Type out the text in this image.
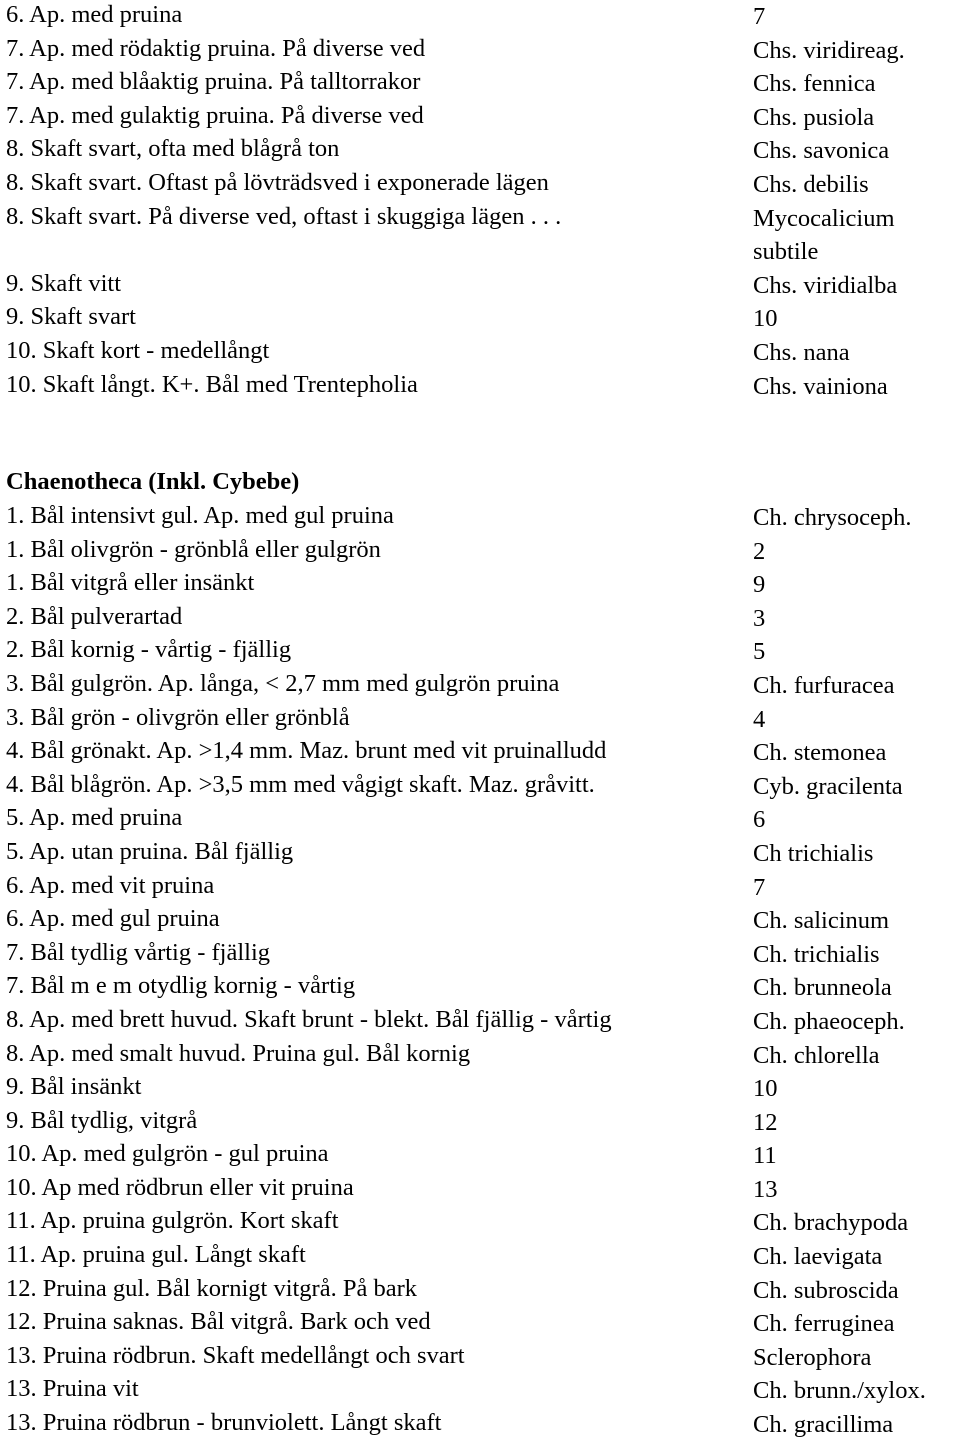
6. Ap. med pruina	7
7. Ap. med rödaktig pruina. På diverse ved	Chs. viridireag.
7. Ap. med blåaktig pruina. På talltorrakor	Chs. fennica
7. Ap. med gulaktig pruina. På diverse ved	Chs. pusiola
8. Skaft svart, ofta med blågrå ton	Chs. savonica
8. Skaft svart. Oftast på lövträdsved i exponerade lägen	Chs. debilis
8. Skaft svart. På diverse ved, oftast i skuggiga lägen . . .	Mycocalicium subtile
9. Skaft vitt	Chs. viridialba
9. Skaft svart	10
10. Skaft kort - medellångt	Chs. nana
10. Skaft långt. K+. Bål med Trentepholia	Chs. vainiona
Chaenotheca (Inkl. Cybebe)
1. Bål intensivt gul. Ap. med gul pruina	Ch. chrysoceph.
1. Bål olivgrön - grönblå eller gulgrön	2
1. Bål vitgrå eller insänkt	9
2. Bål pulverartad	3
2. Bål kornig - vårtig - fjällig	5
3. Bål gulgrön. Ap. långa, < 2,7 mm med gulgrön pruina	Ch. furfuracea
3. Bål grön - olivgrön eller grönblå	4
4. Bål grönakt. Ap. >1,4 mm. Maz. brunt med vit pruinalludd	Ch. stemonea
4. Bål blågrön. Ap. >3,5 mm med vågigt skaft. Maz. gråvitt.	Cyb. gracilenta
5. Ap. med pruina	6
5. Ap. utan pruina. Bål fjällig	Ch trichialis
6. Ap. med vit pruina	7
6. Ap. med gul pruina	Ch. salicinum
7. Bål tydlig vårtig - fjällig	Ch. trichialis
7. Bål m e m otydlig kornig - vårtig	Ch. brunneola
8. Ap. med brett huvud. Skaft brunt - blekt. Bål fjällig - vårtig	Ch. phaeoceph.
8. Ap. med smalt huvud. Pruina gul. Bål kornig	Ch. chlorella
9. Bål insänkt	10
9. Bål tydlig, vitgrå	12
10. Ap. med gulgrön - gul pruina	11
10. Ap med rödbrun eller vit pruina	13
11. Ap. pruina gulgrön. Kort skaft	Ch. brachypoda
11. Ap. pruina gul. Långt skaft	Ch. laevigata
12. Pruina gul. Bål kornigt vitgrå. På bark	Ch. subroscida
12. Pruina saknas. Bål vitgrå. Bark och ved	Ch. ferruginea
13. Pruina rödbrun. Skaft medellångt och svart	Sclerophora
13. Pruina vit	Ch. brunn./xylox.
13. Pruina rödbrun - brunviolett. Långt skaft	Ch. gracillima
